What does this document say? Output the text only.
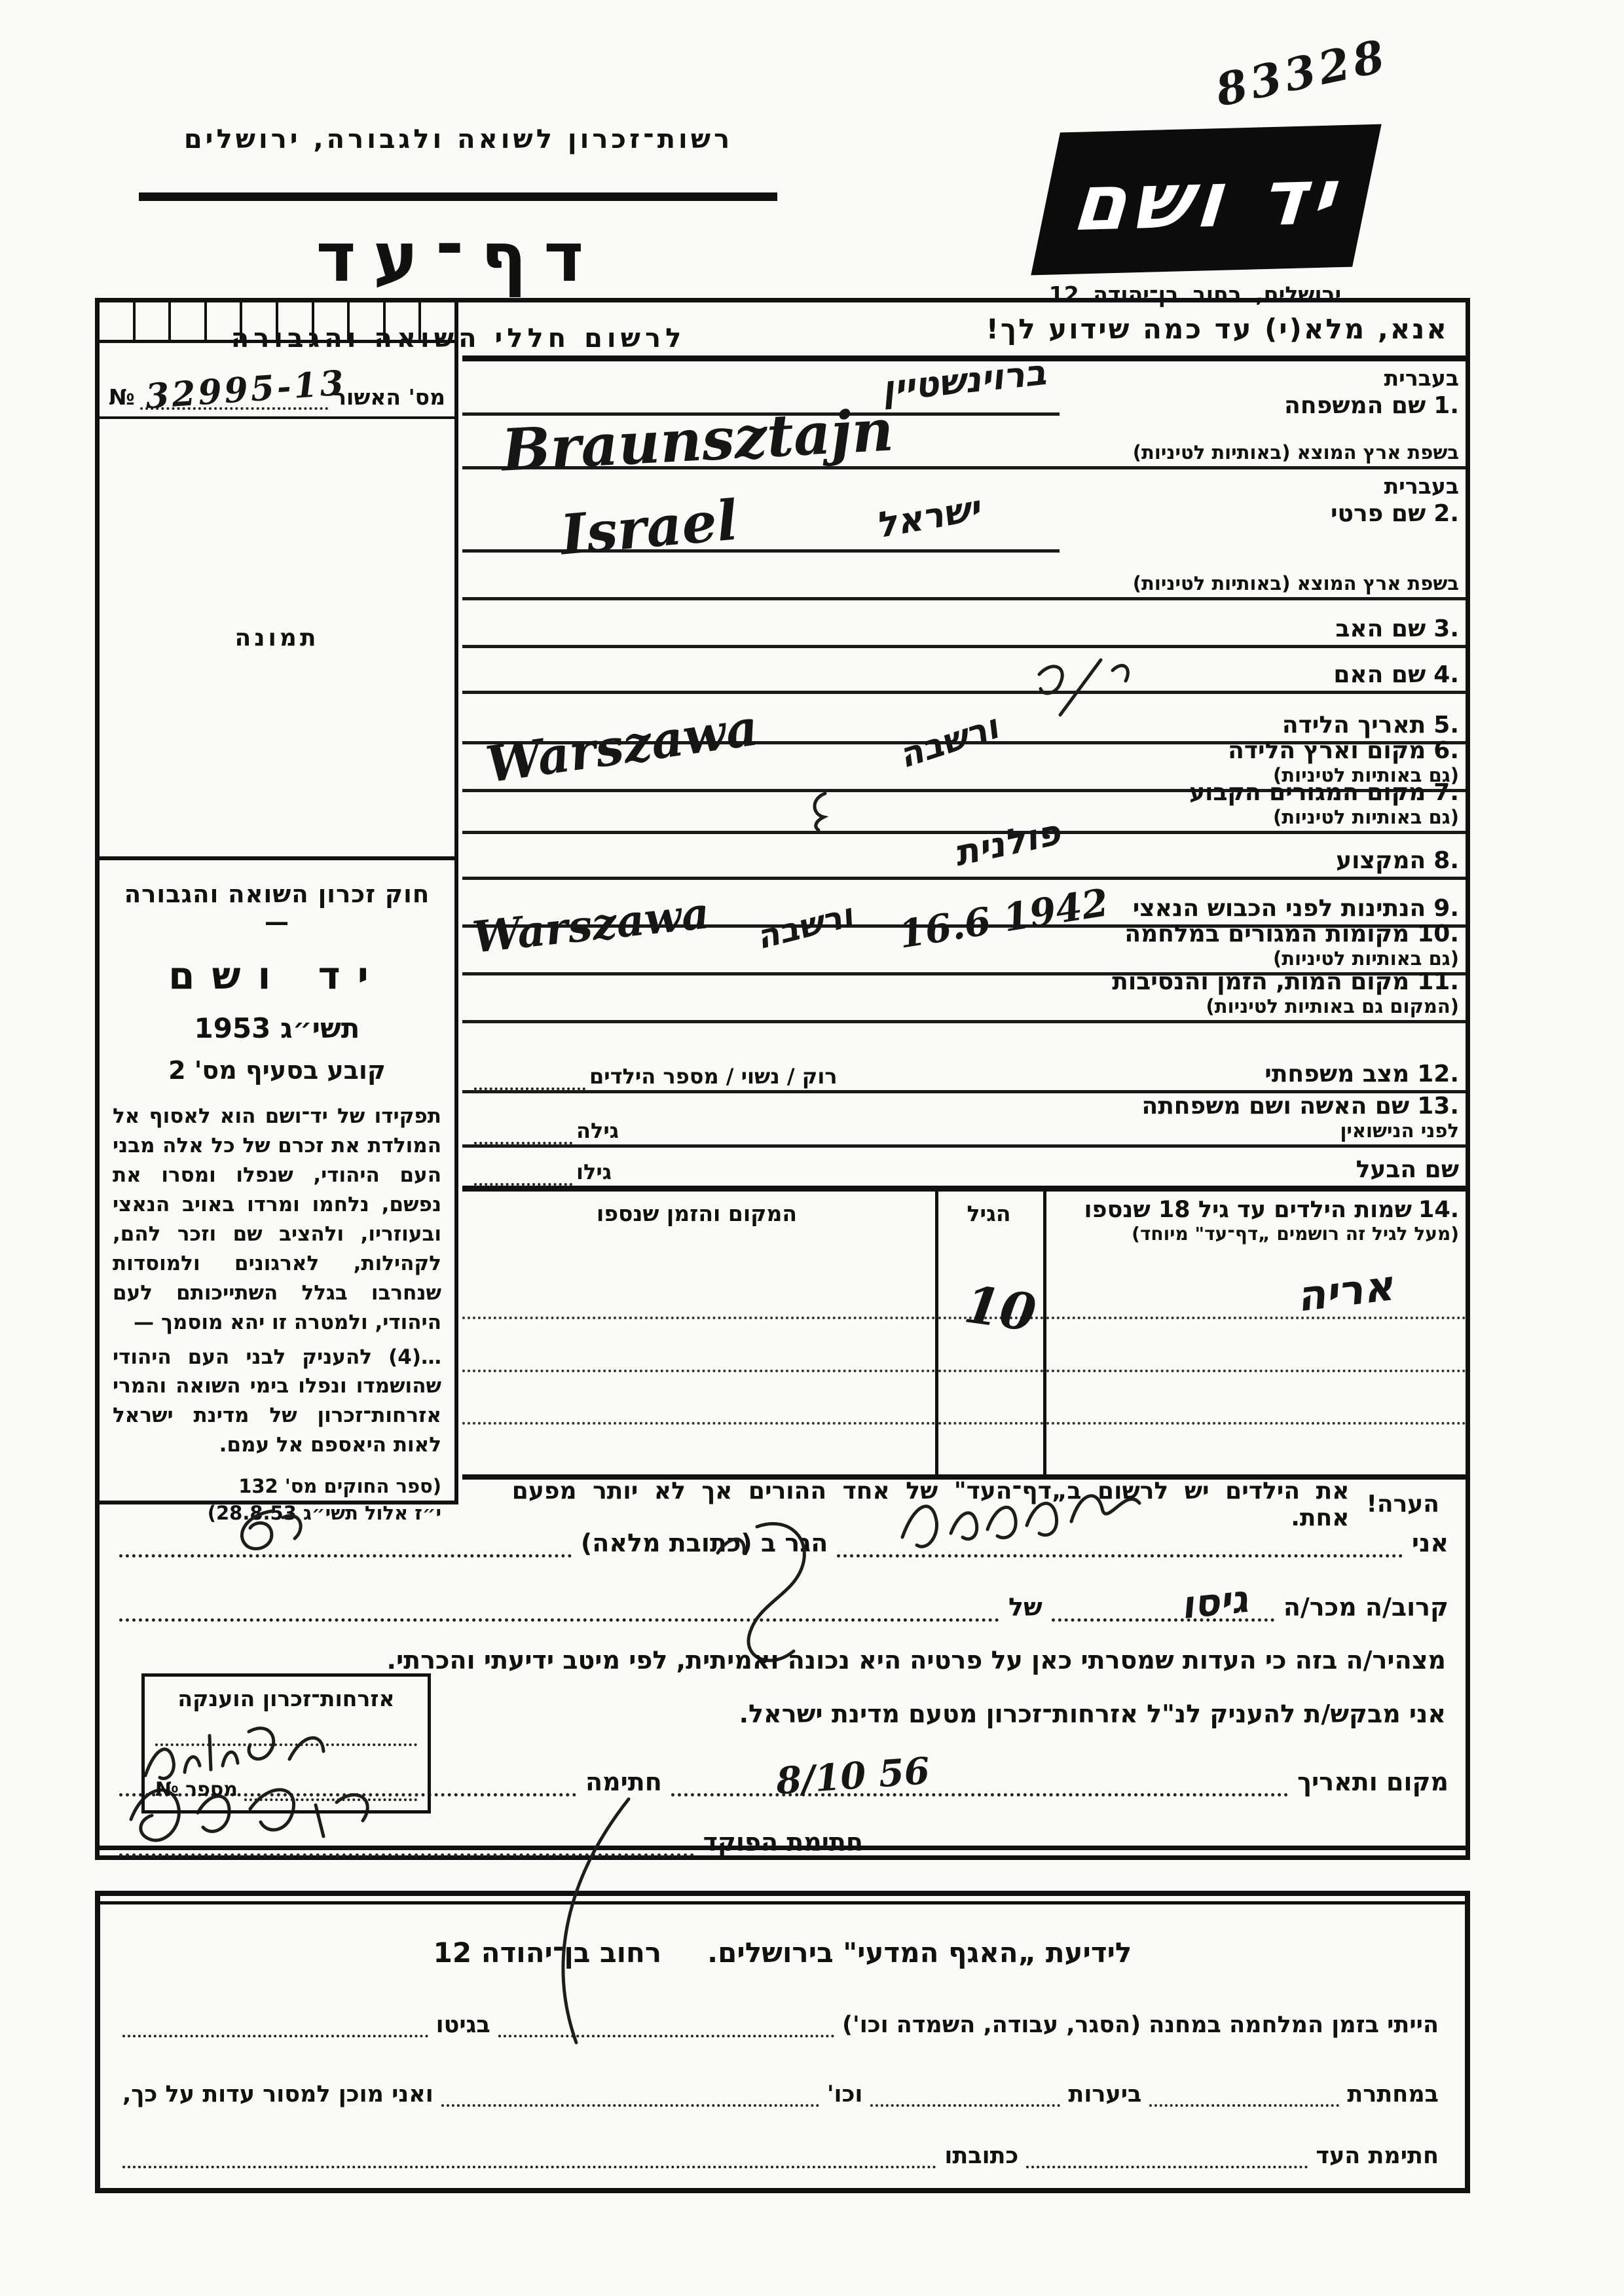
83328
רשות־זכרון לשואה ולגבורה, ירושלים
דף־עד
לרשום חללי השואה והגבורה
יד ושם
ירושלים, רחוב בן־יהודה 12
מס' האשור
32995-13
№
תמונה
חוק זכרון השואה והגבורה —
יד ושם
תשי״ג 1953
קובע בסעיף מס' 2
תפקידו של יד־ושם הוא לאסוף אל המולדת את זכרם של כל אלה מבני העם היהודי, שנפלו ומסרו את נפשם, נלחמו ומרדו באויב הנאצי ובעוזריו, ולהציב שם וזכר להם, לקהילות, לארגונים ולמוסדות שנחרבו בגלל השתייכותם לעם היהודי, ולמטרה זו יהא מוסמך —
…(4) להעניק לבני העם היהודי שהושמדו ונפלו בימי השואה והמרי אזרחות־זכרון של מדינת ישראל לאות היאספם אל עמם.
(ספר החוקים מס' 132
י״ז אלול תשי״ג 28.8.53)
אנא, מלא(י) עד כמה שידוע לך!
בעברית
1.שם המשפחה
בשפת ארץ המוצא (באותיות לטיניות)
בעברית
2.שם פרטי
בשפת ארץ המוצא (באותיות לטיניות)
3.שם האב
4.שם האם
5.תאריך הלידה
6.מקום וארץ הלידה
(גם באותיות לטיניות)
7.מקום המגורים הקבוע
(גם באותיות לטיניות)
8.המקצוע
9.הנתינות לפני הכבוש הנאצי
10.מקומות המגורים במלחמה
(גם באותיות לטיניות)
11.מקום המות, הזמן והנסיבות
(המקום גם באותיות לטיניות)
12.מצב משפחתי
רוק / נשוי / מספר הילדים
13.שם האשה ושם משפחתה
לפני הנישואין
גילה
שם הבעל
גילו
14.שמות הילדים עד גיל 18 שנספו
(מעל לגיל זה רושמים „דף־עד" מיוחד)
אריה
הגיל
10
המקום והזמן שנספו
הערה!
את הילדים יש לרשום ב„דף־העד" של אחד ההורים אך לא יותר מפעם אחת.
ברוינשטיין
Braunsztajn
ישראל
Israel
Warszawa	ורשבה
פולנית
Warszawa ורשבה 16.6 1942
אני
הגר ב (כתובת מלאה)
קרוב/ה מכר/ה
גיסו
של
מצהיר/ה בזה כי העדות שמסרתי כאן על פרטיה היא נכונה ואמיתית, לפי מיטב ידיעתי והכרתי.
אני מבקש/ת להעניק לנ"ל אזרחות־זכרון מטעם מדינת ישראל.
מקום ותאריך
8/10 56
חתימה
חתימת הפוקד
אזרחות־זכרון הוענקה
מספר
№
לידיעת „האגף המדעי" בירושלים.
רחוב בן־יהודה 12
הייתי בזמן המלחמה במחנה (הסגר, עבודה, השמדה וכו')
בגיטו
במחתרת
ביערות
וכו'
ואני מוכן למסור עדות על כך,
חתימת העד
כתובתו
